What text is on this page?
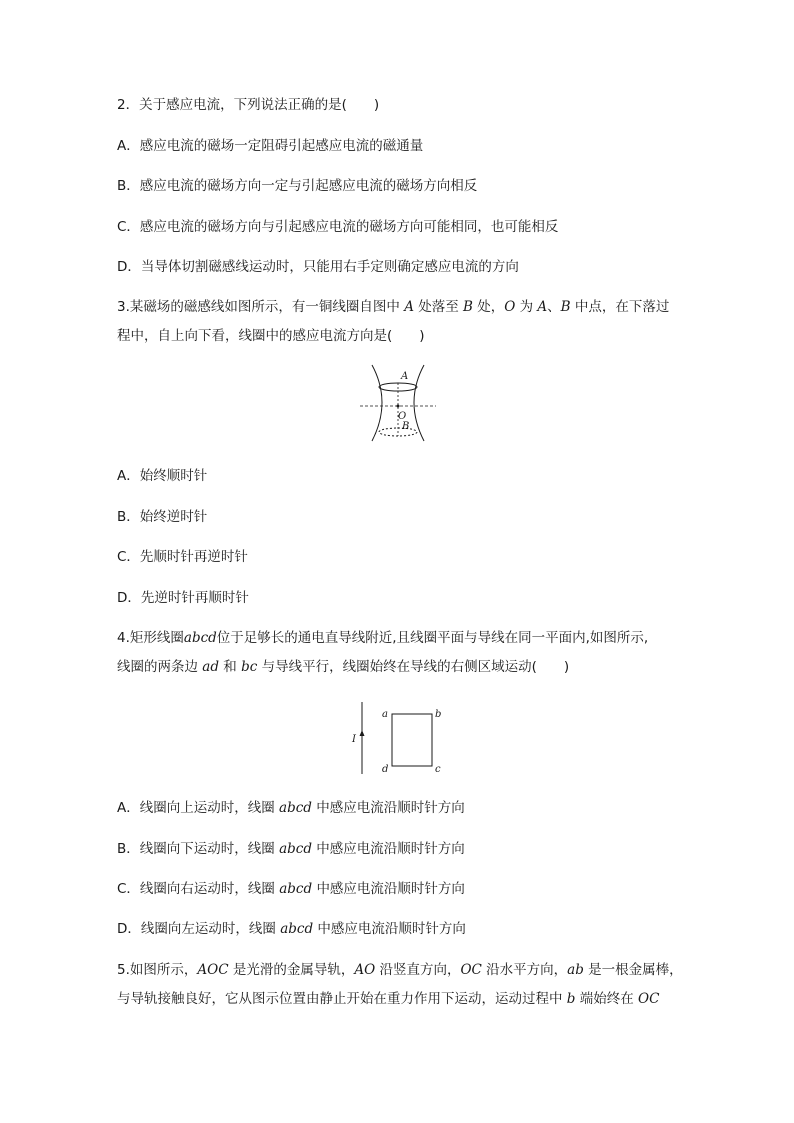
2．关于感应电流，下列说法正确的是(　　)
A．感应电流的磁场一定阻碍引起感应电流的磁通量
B．感应电流的磁场方向一定与引起感应电流的磁场方向相反
C．感应电流的磁场方向与引起感应电流的磁场方向可能相同，也可能相反
D．当导体切割磁感线运动时，只能用右手定则确定感应电流的方向
3.某磁场的磁感线如图所示，有一铜线圈自图中 A 处落至 B 处，O 为 A、B 中点，在下落过
程中，自上向下看，线圈中的感应电流方向是(　　)
A
O
B
A．始终顺时针
B．始终逆时针
C．先顺时针再逆时针
D．先逆时针再顺时针
4.矩形线圈abcd位于足够长的通电直导线附近,且线圈平面与导线在同一平面内,如图所示,
线圈的两条边 ad 和 bc 与导线平行，线圈始终在导线的右侧区域运动(　　)
I
a	b
c
d
A．线圈向上运动时，线圈 abcd 中感应电流沿顺时针方向
B．线圈向下运动时，线圈 abcd 中感应电流沿顺时针方向
C．线圈向右运动时，线圈 abcd 中感应电流沿顺时针方向
D．线圈向左运动时，线圈 abcd 中感应电流沿顺时针方向
5.如图所示，AOC 是光滑的金属导轨，AO 沿竖直方向，OC 沿水平方向，ab 是一根金属棒，
与导轨接触良好，它从图示位置由静止开始在重力作用下运动，运动过程中 b 端始终在 OC
